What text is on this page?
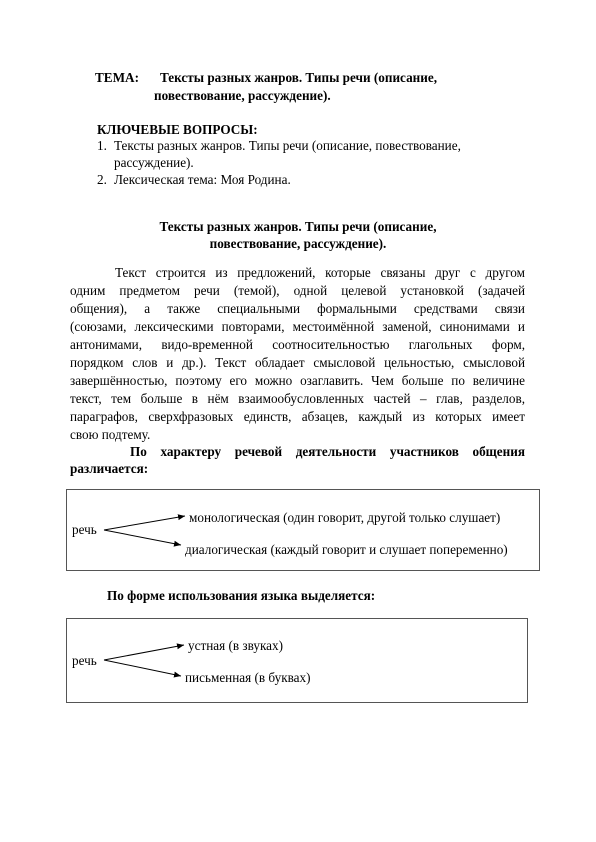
ТЕМА: Тексты разных жанров. Типы речи (описание,
повествование, рассуждение).
КЛЮЧЕВЫЕ ВОПРОСЫ:
1. Тексты разных жанров. Типы речи (описание, повествование,
рассуждение).
2. Лексическая тема: Моя Родина.
Тексты разных жанров. Типы речи (описание,
повествование, рассуждение).
Текст строится из предложений, которые связаны друг с другом
одним предметом речи (темой), одной целевой установкой (задачей
общения), а также специальными формальными средствами связи
(союзами, лексическими повторами, местоимённой заменой, синонимами и
антонимами, видо-временной соотносительностью глагольных форм,
порядком слов и др.). Текст обладает смысловой цельностью, смысловой
завершённостью, поэтому его можно озаглавить. Чем больше по величине
текст, тем больше в нём взаимообусловленных частей – глав, разделов,
параграфов, сверхфразовых единств, абзацев, каждый из которых имеет
свою подтему.
По характеру речевой деятельности участников общения
различается:
речь
монологическая (один говорит, другой только слушает)
диалогическая (каждый говорит и слушает попеременно)
По форме использования языка выделяется:
речь
устная (в звуках)
письменная (в буквах)
